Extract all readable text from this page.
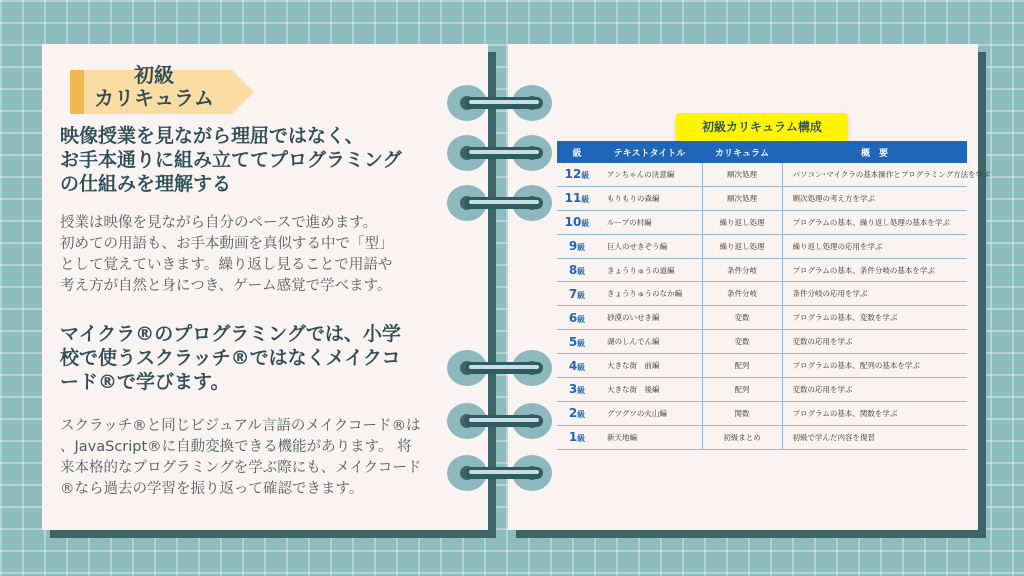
初級
カリキュラム
映像授業を見ながら理屈ではなく、
お手本通りに組み立ててプログラミング
の仕組みを理解する
授業は映像を見ながら自分のペースで進めます。
初めての用語も、お手本動画を真似する中で「型」
として覚えていきます。繰り返し見ることで用語や
考え方が自然と身につき、ゲーム感覚で学べます。
マイクラ®のプログラミングでは、小学
校で使うスクラッチ®ではなくメイクコ
ード®で学びます。
スクラッチ®と同じビジュアル言語のメイクコード®は
、JavaScript®に自動変換できる機能があります。 将
来本格的なプログラミングを学ぶ際にも、メイクコード
®なら過去の学習を振り返って確認できます。
初級カリキュラム構成
級	テキストタイトル	カリキュラム	概　要
12級	アンちゃんの決意編	順次処理	パソコン･マイクラの基本操作とプログラミング方法を学ぶ
11級	もりもりの森編	順次処理	順次処理の考え方を学ぶ
10級	ループの村編	繰り返し処理	プログラムの基本、繰り返し処理の基本を学ぶ
9級	巨人のせきぞう編	繰り返し処理	繰り返し処理の応用を学ぶ
8級	きょうりゅうの道編	条件分岐	プログラムの基本、条件分岐の基本を学ぶ
7級	きょうりゅうのなか編	条件分岐	条件分岐の応用を学ぶ
6級	砂漠のいせき編	変数	プログラムの基本、変数を学ぶ
5級	湖のしんでん編	変数	変数の応用を学ぶ
4級	大きな街　前編	配列	プログラムの基本、配列の基本を学ぶ
3級	大きな街　後編	配列	変数の応用を学ぶ
2級	グツグツの火山編	関数	プログラムの基本、関数を学ぶ
1級	新天地編	初級まとめ	初級で学んだ内容を復習
